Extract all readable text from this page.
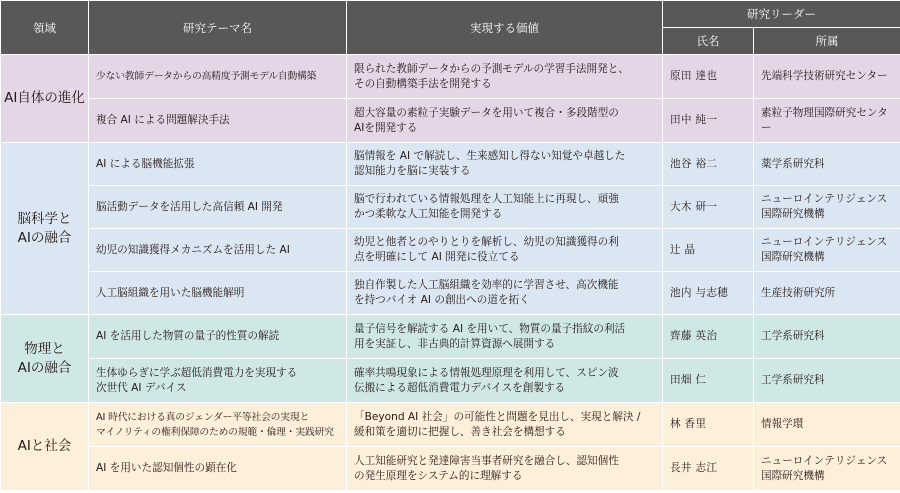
領域	研究テーマ名	実現する価値	研究リーダー	
			氏名	所属

AI自体の進化	少ない教師データからの高精度予測モデル自動構築	限られた教師データからの予測モデルの学習手法開発と、
その自動構築手法を開発する	原田 達也	先端科学技術研究センター

	複合 AI による問題解決手法	超大容量の素粒子実験データを用いて複合・多段階型の
AIを開発する	田中 純一	素粒子物理国際研究センター

脳科学と
AIの融合	AI による脳機能拡張	脳情報を AI で解読し、生来感知し得ない知覚や卓越した
認知能力を脳に実装する	池谷 裕二	薬学系研究科

	脳活動データを活用した高信頼 AI 開発	脳で行われている情報処理を人工知能上に再現し、頑強
かつ柔軟な人工知能を開発する	大木 研一	ニューロインテリジェンス
国際研究機構

	幼児の知識獲得メカニズムを活用した AI	幼児と他者とのやりとりを解析し、幼児の知識獲得の利
点を明確にして AI 開発に役立てる	辻 晶	ニューロインテリジェンス
国際研究機構

	人工脳組織を用いた脳機能解明	独自作製した人工脳組織を効率的に学習させ、高次機能
を持つバイオ AI の創出への道を拓く	池内 与志穂	生産技術研究所

物理と
AIの融合	AI を活用した物質の量子的性質の解読	量子信号を解読する AI を用いて、物質の量子指紋の利活
用を実証し、非古典的計算資源へ展開する	齊藤 英治	工学系研究科

	生体ゆらぎに学ぶ超低消費電力を実現する
次世代 AI デバイス	確率共鳴現象による情報処理原理を利用して、スピン波
伝搬による超低消費電力デバイスを創製する	田畑 仁	工学系研究科

AIと社会	AI 時代における真のジェンダー平等社会の実現と
マイノリティの権利保障のための規範・倫理・実践研究	「Beyond AI 社会」の可能性と問題を見出し、実現と解決 /
緩和策を適切に把握し、善き社会を構想する	林 香里	情報学環

	AI を用いた認知個性の顕在化	人工知能研究と発達障害当事者研究を融合し、認知個性
の発生原理をシステム的に理解する	長井 志江	ニューロインテリジェンス
国際研究機構
